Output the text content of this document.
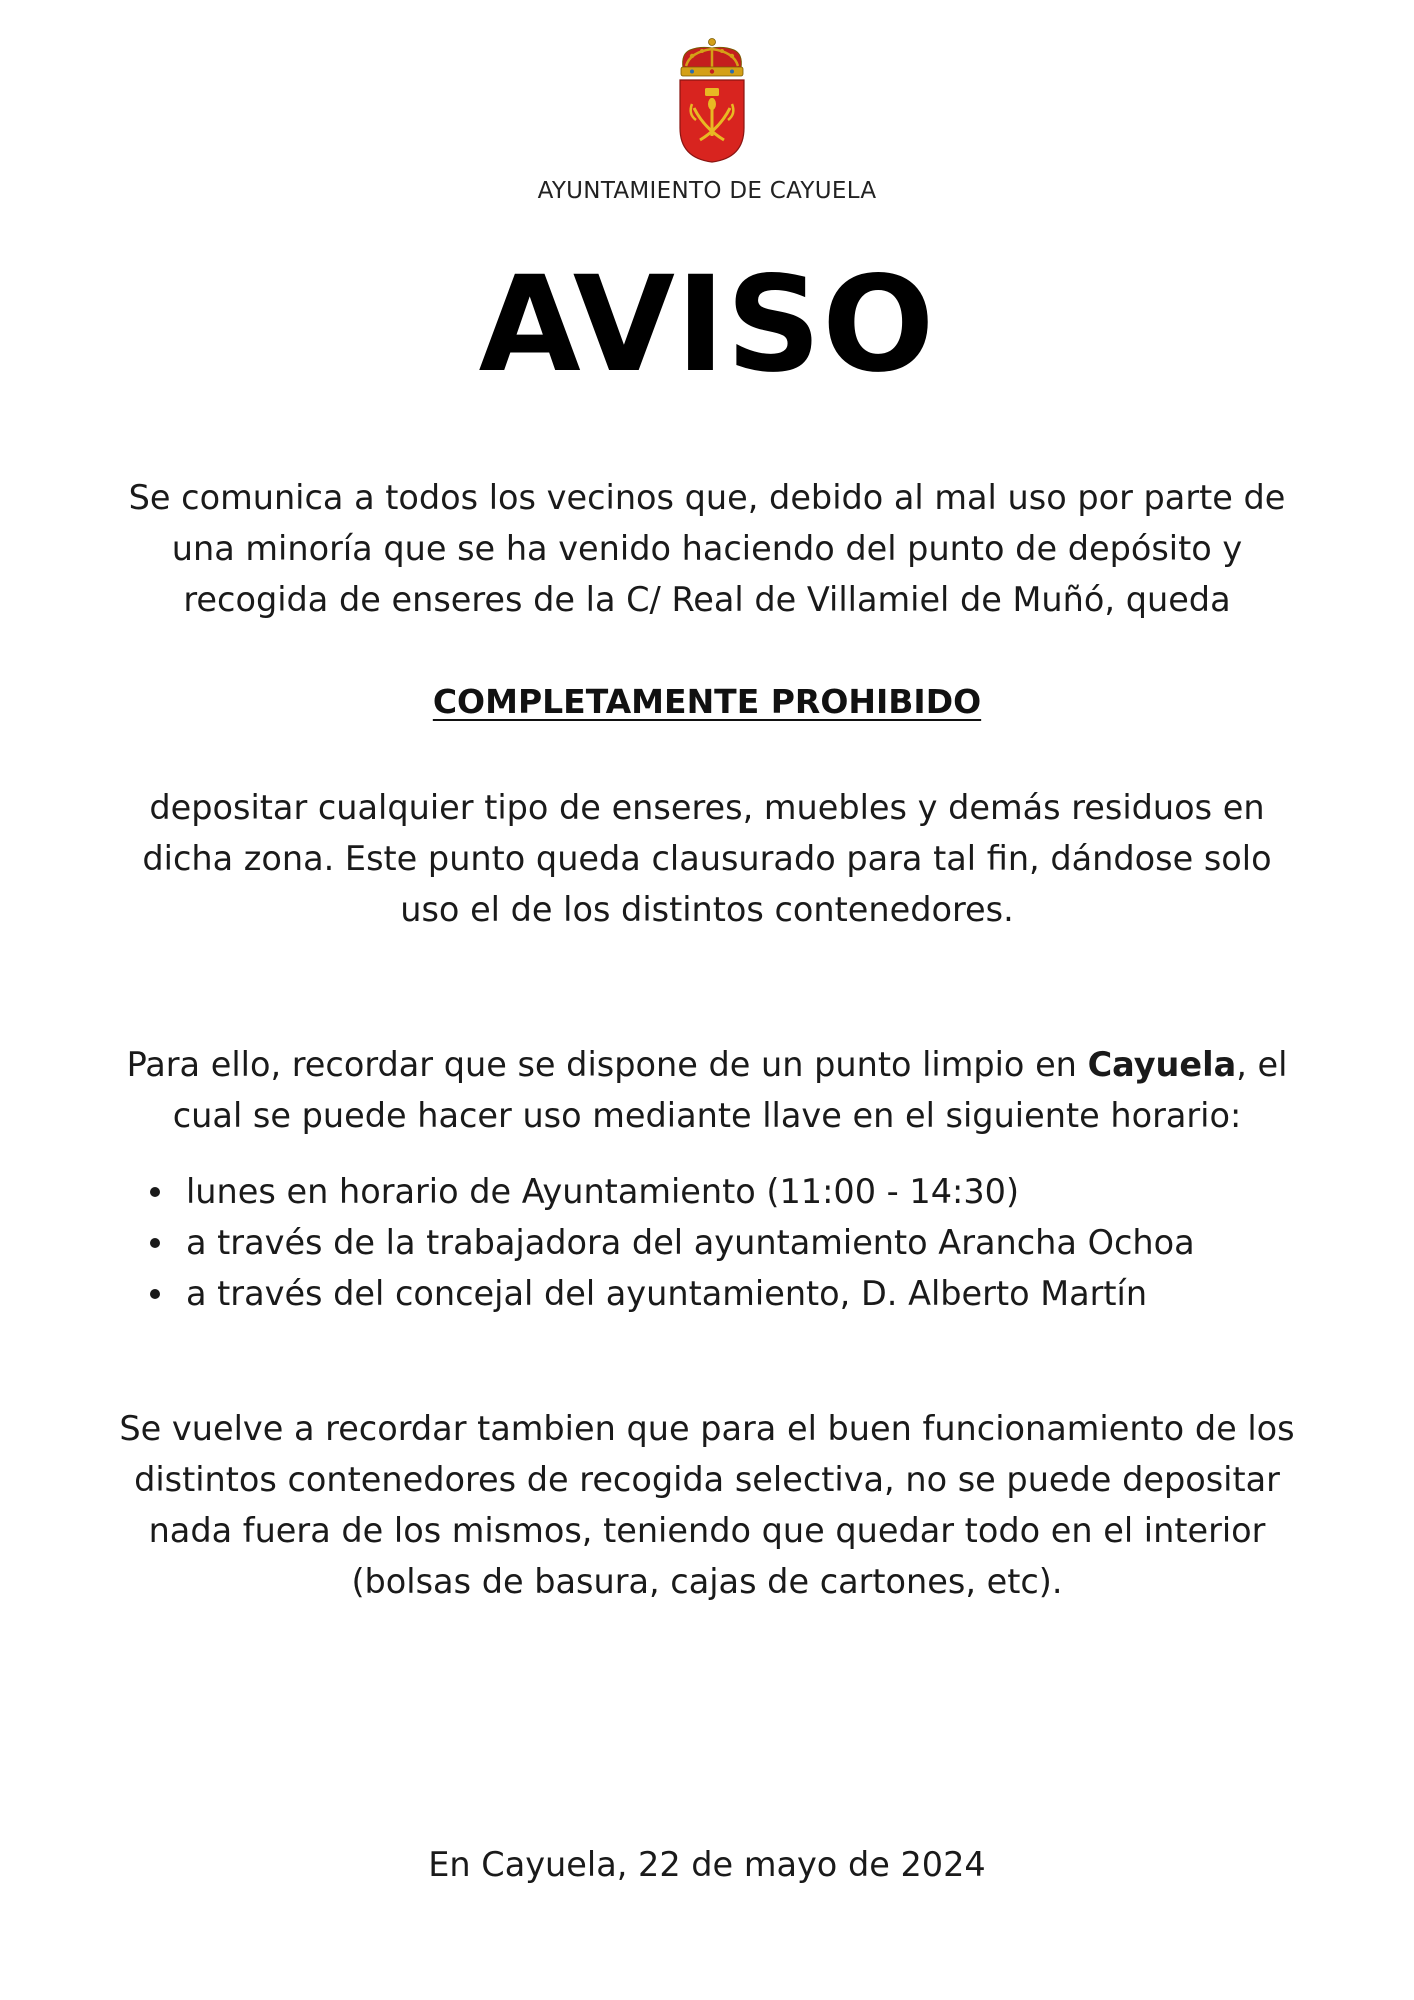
AYUNTAMIENTO DE CAYUELA
AVISO
Se comunica a todos los vecinos que, debido al mal uso por parte de
una minoría que se ha venido haciendo del punto de depósito y
recogida de enseres de la C/ Real de Villamiel de Muñó, queda
COMPLETAMENTE PROHIBIDO
depositar cualquier tipo de enseres, muebles y demás residuos en
dicha zona. Este punto queda clausurado para tal fin, dándose solo
uso el de los distintos contenedores.
Para ello, recordar que se dispone de un punto limpio en Cayuela, el
cual se puede hacer uso mediante llave en el siguiente horario:
lunes en horario de Ayuntamiento (11:00 - 14:30)
a través de la trabajadora del ayuntamiento Arancha Ochoa
a través del concejal del ayuntamiento, D. Alberto Martín
Se vuelve a recordar tambien que para el buen funcionamiento de los
distintos contenedores de recogida selectiva, no se puede depositar
nada fuera de los mismos, teniendo que quedar todo en el interior
(bolsas de basura, cajas de cartones, etc).
En Cayuela, 22 de mayo de 2024
